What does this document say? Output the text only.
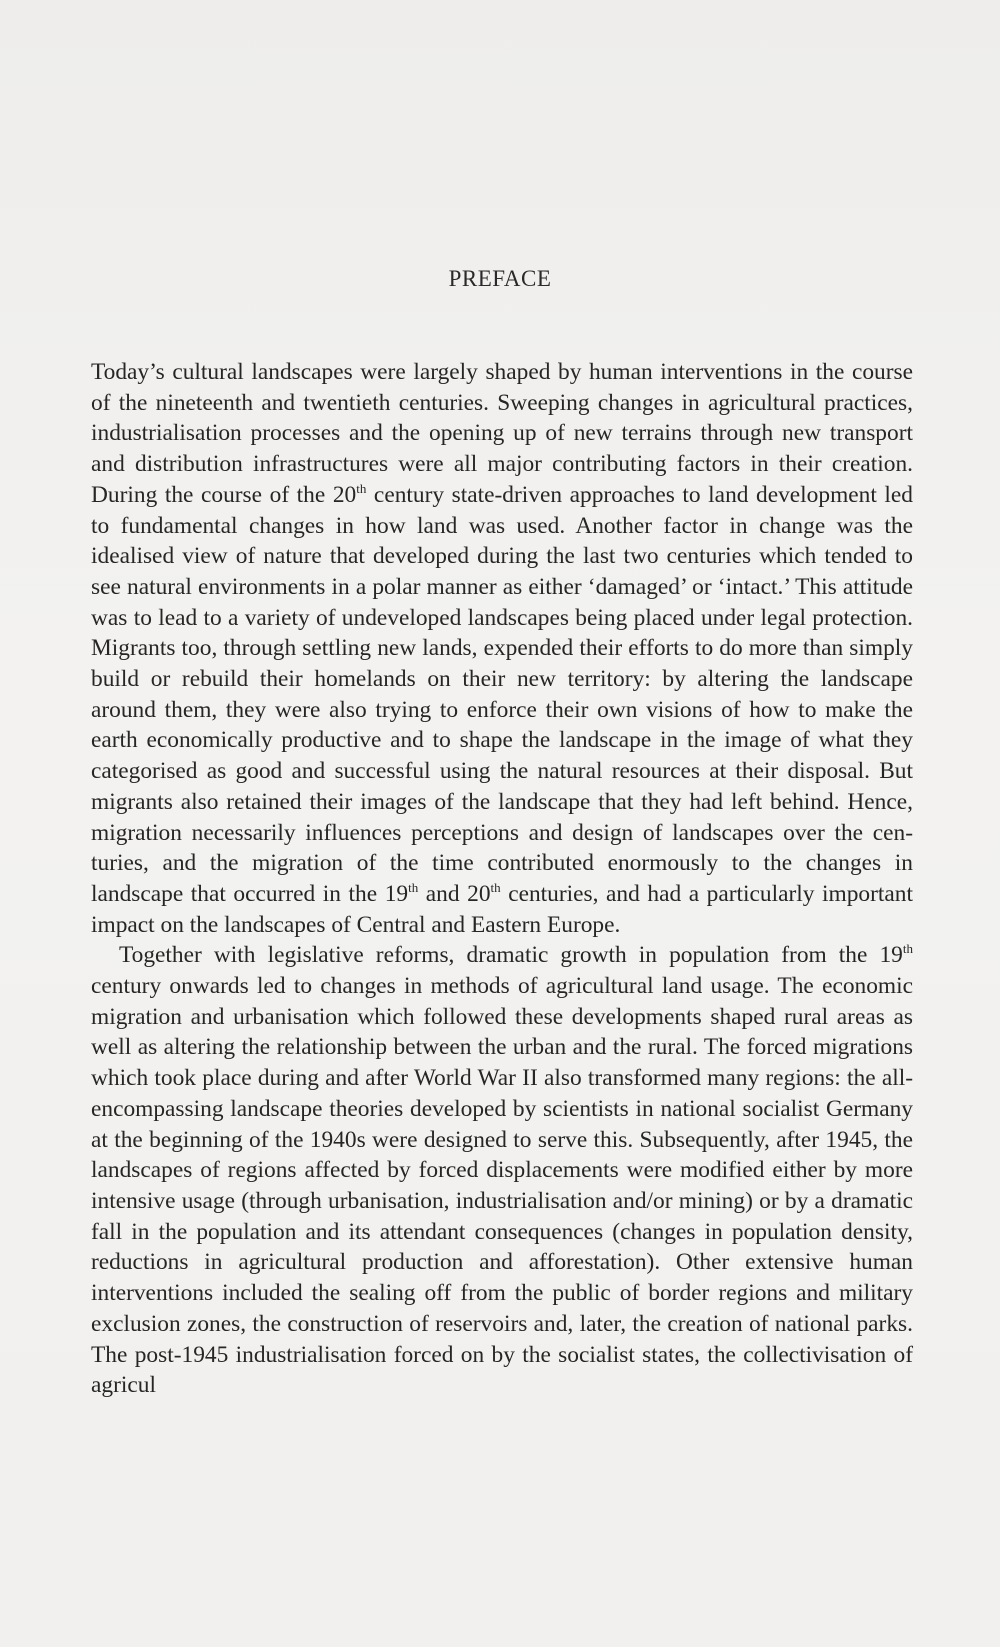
PREFACE

Today’s cultural landscapes were largely shaped by human interventions in the course of the nineteenth and twentieth centuries. Sweeping changes in agricultural practices, industrialisation processes and the opening up of new terrains through new transport and distribution infrastructures were all major contributing factors in their creation. During the course of the 20th century state-driven approaches to land development led to fundamental changes in how land was used. Another factor in change was the idealised view of nature that developed during the last two centuries which tended to see natural environments in a polar manner as either ‘damaged’ or ‘intact.’ This attitude was to lead to a variety of undeveloped landscapes being placed under legal protection. Migrants too, through settling new lands, expended their efforts to do more than simply build or rebuild their homelands on their new territory: by altering the landscape around them, they were also trying to enforce their own visions of how to make the earth economically productive and to shape the landscape in the image of what they categorised as good and successful using the natural resources at their disposal. But migrants also retained their images of the landscape that they had left behind. Hence, migration necessarily influences perceptions and design of landscapes over the centuries, and the migration of the time contributed enormously to the changes in landscape that occurred in the 19th and 20th centuries, and had a particularly important impact on the landscapes of Central and Eastern Europe.

Together with legislative reforms, dramatic growth in population from the 19th century onwards led to changes in methods of agricultural land usage. The economic migration and urbanisation which followed these developments shaped rural areas as well as altering the relationship between the urban and the rural. The forced migrations which took place during and after World War II also transformed many regions: the all-encompassing landscape theories developed by scientists in national socialist Germany at the beginning of the 1940s were designed to serve this. Subsequently, after 1945, the landscapes of regions affected by forced displacements were modified either by more intensive usage (through urbanisation, industrialisation and/or mining) or by a dramatic fall in the population and its attendant consequences (changes in population density, reductions in agricultural production and afforestation). Other extensive human interventions included the sealing off from the public of border regions and military exclusion zones, the construction of reservoirs and, later, the creation of national parks. The post-1945 industrialisation forced on by the socialist states, the collectivisation of agricul
